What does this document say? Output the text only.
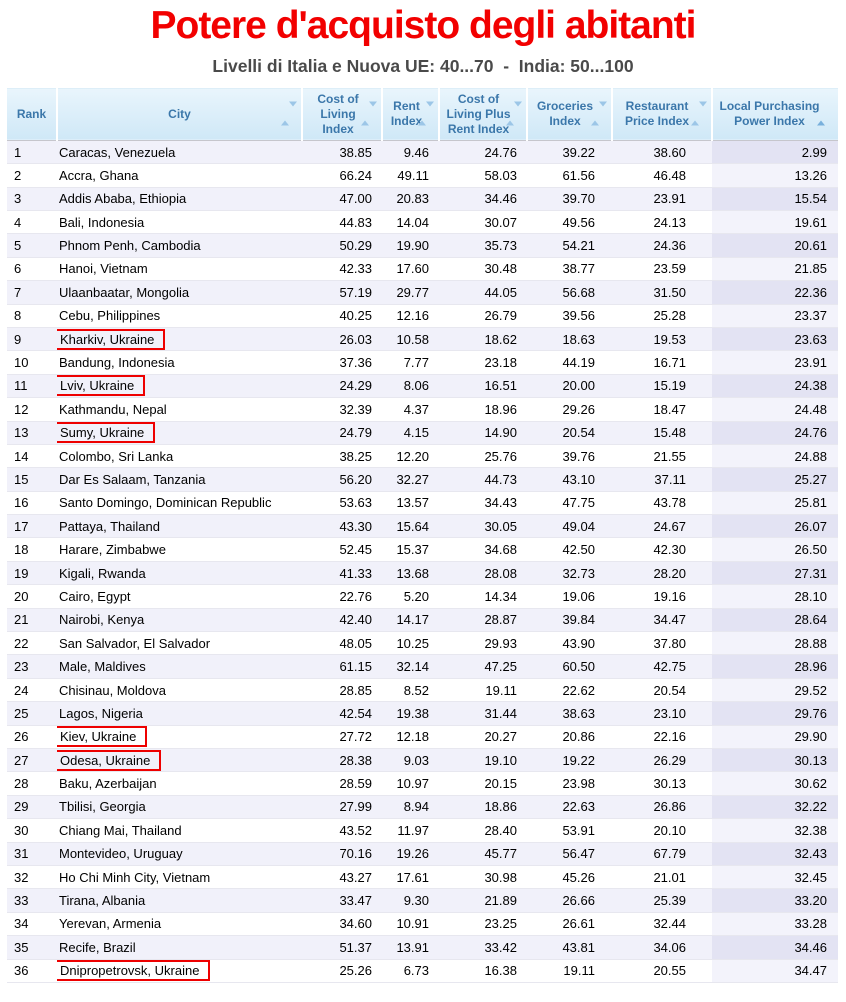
Potere d'acquisto degli abitanti
Livelli di Italia e Nuova UE: 40...70  -  India: 50...100
Rank	City	Cost of Living Index	Rent Index	Cost of Living Plus Rent Index	Groceries Index	Restaurant Price Index	Local Purchasing Power Index

1	Caracas, Venezuela	38.85	9.46	24.76	39.22	38.60	2.99
2	Accra, Ghana	66.24	49.11	58.03	61.56	46.48	13.26
3	Addis Ababa, Ethiopia	47.00	20.83	34.46	39.70	23.91	15.54
4	Bali, Indonesia	44.83	14.04	30.07	49.56	24.13	19.61
5	Phnom Penh, Cambodia	50.29	19.90	35.73	54.21	24.36	20.61
6	Hanoi, Vietnam	42.33	17.60	30.48	38.77	23.59	21.85
7	Ulaanbaatar, Mongolia	57.19	29.77	44.05	56.68	31.50	22.36
8	Cebu, Philippines	40.25	12.16	26.79	39.56	25.28	23.37
9	Kharkiv, Ukraine	26.03	10.58	18.62	18.63	19.53	23.63
10	Bandung, Indonesia	37.36	7.77	23.18	44.19	16.71	23.91
11	Lviv, Ukraine	24.29	8.06	16.51	20.00	15.19	24.38
12	Kathmandu, Nepal	32.39	4.37	18.96	29.26	18.47	24.48
13	Sumy, Ukraine	24.79	4.15	14.90	20.54	15.48	24.76
14	Colombo, Sri Lanka	38.25	12.20	25.76	39.76	21.55	24.88
15	Dar Es Salaam, Tanzania	56.20	32.27	44.73	43.10	37.11	25.27
16	Santo Domingo, Dominican Republic	53.63	13.57	34.43	47.75	43.78	25.81
17	Pattaya, Thailand	43.30	15.64	30.05	49.04	24.67	26.07
18	Harare, Zimbabwe	52.45	15.37	34.68	42.50	42.30	26.50
19	Kigali, Rwanda	41.33	13.68	28.08	32.73	28.20	27.31
20	Cairo, Egypt	22.76	5.20	14.34	19.06	19.16	28.10
21	Nairobi, Kenya	42.40	14.17	28.87	39.84	34.47	28.64
22	San Salvador, El Salvador	48.05	10.25	29.93	43.90	37.80	28.88
23	Male, Maldives	61.15	32.14	47.25	60.50	42.75	28.96
24	Chisinau, Moldova	28.85	8.52	19.11	22.62	20.54	29.52
25	Lagos, Nigeria	42.54	19.38	31.44	38.63	23.10	29.76
26	Kiev, Ukraine	27.72	12.18	20.27	20.86	22.16	29.90
27	Odesa, Ukraine	28.38	9.03	19.10	19.22	26.29	30.13
28	Baku, Azerbaijan	28.59	10.97	20.15	23.98	30.13	30.62
29	Tbilisi, Georgia	27.99	8.94	18.86	22.63	26.86	32.22
30	Chiang Mai, Thailand	43.52	11.97	28.40	53.91	20.10	32.38
31	Montevideo, Uruguay	70.16	19.26	45.77	56.47	67.79	32.43
32	Ho Chi Minh City, Vietnam	43.27	17.61	30.98	45.26	21.01	32.45
33	Tirana, Albania	33.47	9.30	21.89	26.66	25.39	33.20
34	Yerevan, Armenia	34.60	10.91	23.25	26.61	32.44	33.28
35	Recife, Brazil	51.37	13.91	33.42	43.81	34.06	34.46
36	Dnipropetrovsk, Ukraine	25.26	6.73	16.38	19.11	20.55	34.47
